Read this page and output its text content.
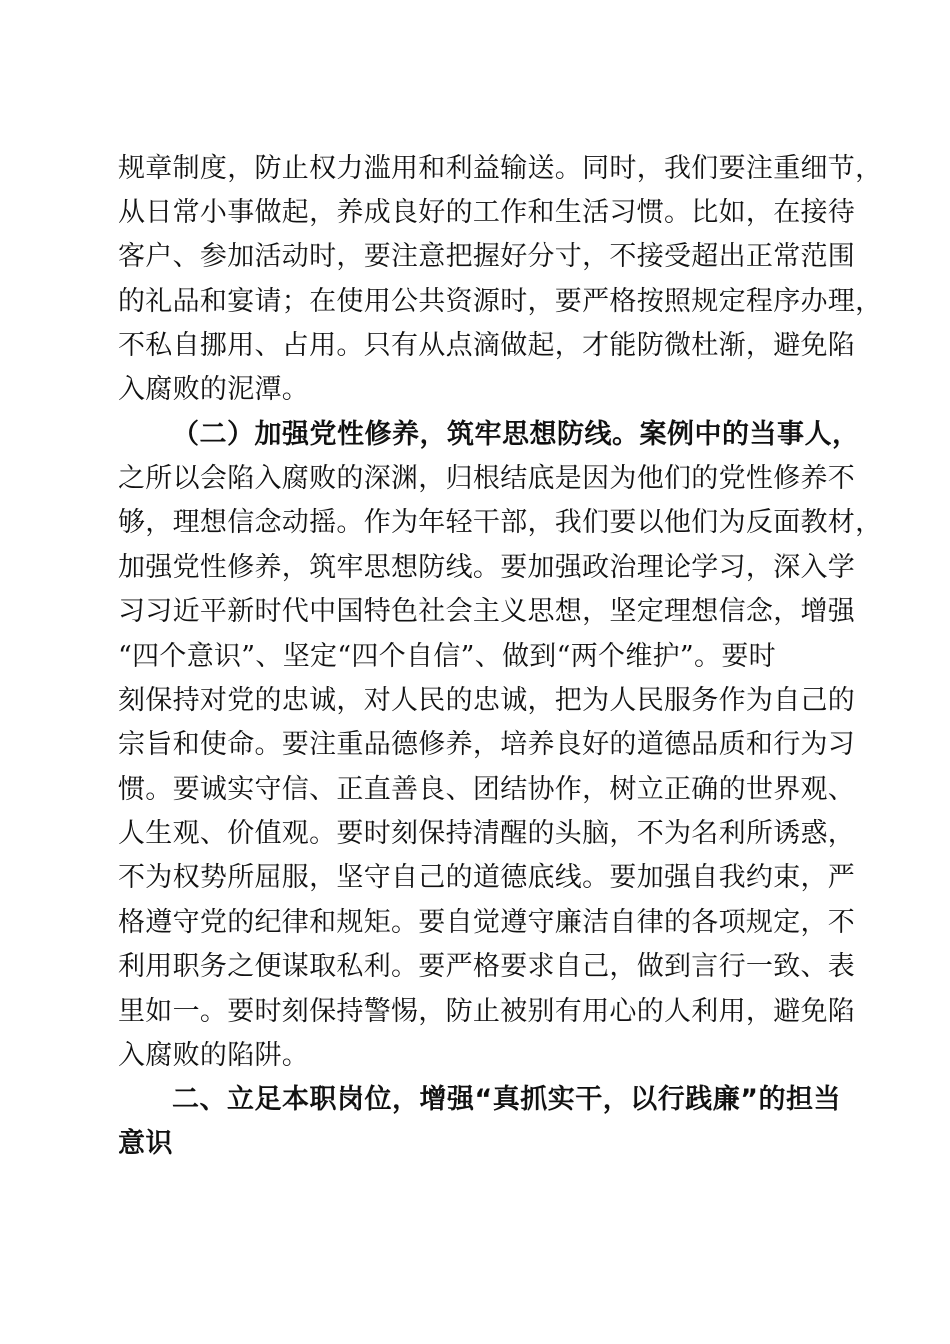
规章制度，防止权力滥用和利益输送。同时，我们要注重细节，
从日常小事做起，养成良好的工作和生活习惯。比如，在接待
客户、参加活动时，要注意把握好分寸，不接受超出正常范围
的礼品和宴请；在使用公共资源时，要严格按照规定程序办理，
不私自挪用、占用。只有从点滴做起，才能防微杜渐，避免陷
入腐败的泥潭。
（二）加强党性修养，筑牢思想防线。案例中的当事人，
之所以会陷入腐败的深渊，归根结底是因为他们的党性修养不
够，理想信念动摇。作为年轻干部，我们要以他们为反面教材，
加强党性修养，筑牢思想防线。要加强政治理论学习，深入学
习习近平新时代中国特色社会主义思想，坚定理想信念，增强
“四个意识”、坚定“四个自信”、做到“两个维护”。要时
刻保持对党的忠诚，对人民的忠诚，把为人民服务作为自己的
宗旨和使命。要注重品德修养，培养良好的道德品质和行为习
惯。要诚实守信、正直善良、团结协作，树立正确的世界观、
人生观、价值观。要时刻保持清醒的头脑，不为名利所诱惑，
不为权势所屈服，坚守自己的道德底线。要加强自我约束，严
格遵守党的纪律和规矩。要自觉遵守廉洁自律的各项规定，不
利用职务之便谋取私利。要严格要求自己，做到言行一致、表
里如一。要时刻保持警惕，防止被别有用心的人利用，避免陷
入腐败的陷阱。
二、立足本职岗位，增强“真抓实干，以行践廉”的担当
意识
